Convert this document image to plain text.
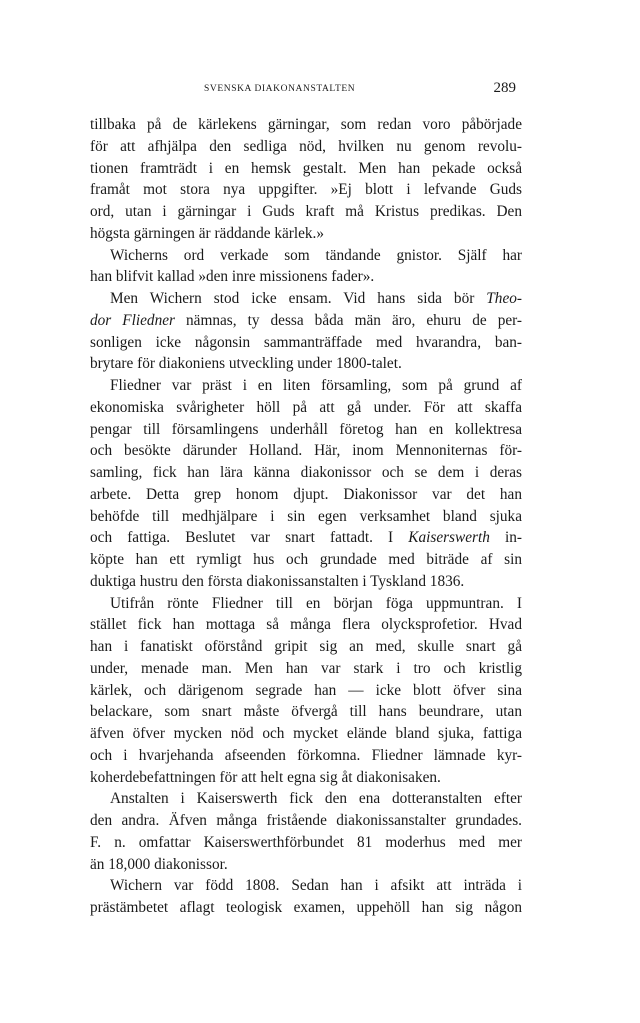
SVENSKA DIAKONANSTALTEN	289
tillbaka på de kärlekens gärningar, som redan voro påbörjade
för att afhjälpa den sedliga nöd, hvilken nu genom revolu-
tionen framträdt i en hemsk gestalt. Men han pekade också
framåt mot stora nya uppgifter. »Ej blott i lefvande Guds
ord, utan i gärningar i Guds kraft må Kristus predikas. Den
högsta gärningen är räddande kärlek.»
Wicherns ord verkade som tändande gnistor. Själf har
han blifvit kallad »den inre missionens fader».
Men Wichern stod icke ensam. Vid hans sida bör Theo-
dor Fliedner nämnas, ty dessa båda män äro, ehuru de per-
sonligen icke någonsin sammanträffade med hvarandra, ban-
brytare för diakoniens utveckling under 1800-talet.
Fliedner var präst i en liten församling, som på grund af
ekonomiska svårigheter höll på att gå under. För att skaffa
pengar till församlingens underhåll företog han en kollektresa
och besökte därunder Holland. Här, inom Mennoniternas för-
samling, fick han lära känna diakonissor och se dem i deras
arbete. Detta grep honom djupt. Diakonissor var det han
behöfde till medhjälpare i sin egen verksamhet bland sjuka
och fattiga. Beslutet var snart fattadt. I Kaiserswerth in-
köpte han ett rymligt hus och grundade med biträde af sin
duktiga hustru den första diakonissanstalten i Tyskland 1836.
Utifrån rönte Fliedner till en början föga uppmuntran. I
stället fick han mottaga så många flera olycksprofetior. Hvad
han i fanatiskt oförstånd gripit sig an med, skulle snart gå
under, menade man. Men han var stark i tro och kristlig
kärlek, och därigenom segrade han — icke blott öfver sina
belackare, som snart måste öfvergå till hans beundrare, utan
äfven öfver mycken nöd och mycket elände bland sjuka, fattiga
och i hvarjehanda afseenden förkomna. Fliedner lämnade kyr-
koherdebefattningen för att helt egna sig åt diakonisaken.
Anstalten i Kaiserswerth fick den ena dotteranstalten efter
den andra. Äfven många fristående diakonissanstalter grundades.
F. n. omfattar Kaiserswerthförbundet 81 moderhus med mer
än 18,000 diakonissor.
Wichern var född 1808. Sedan han i afsikt att inträda i
prästämbetet aflagt teologisk examen, uppehöll han sig någon
